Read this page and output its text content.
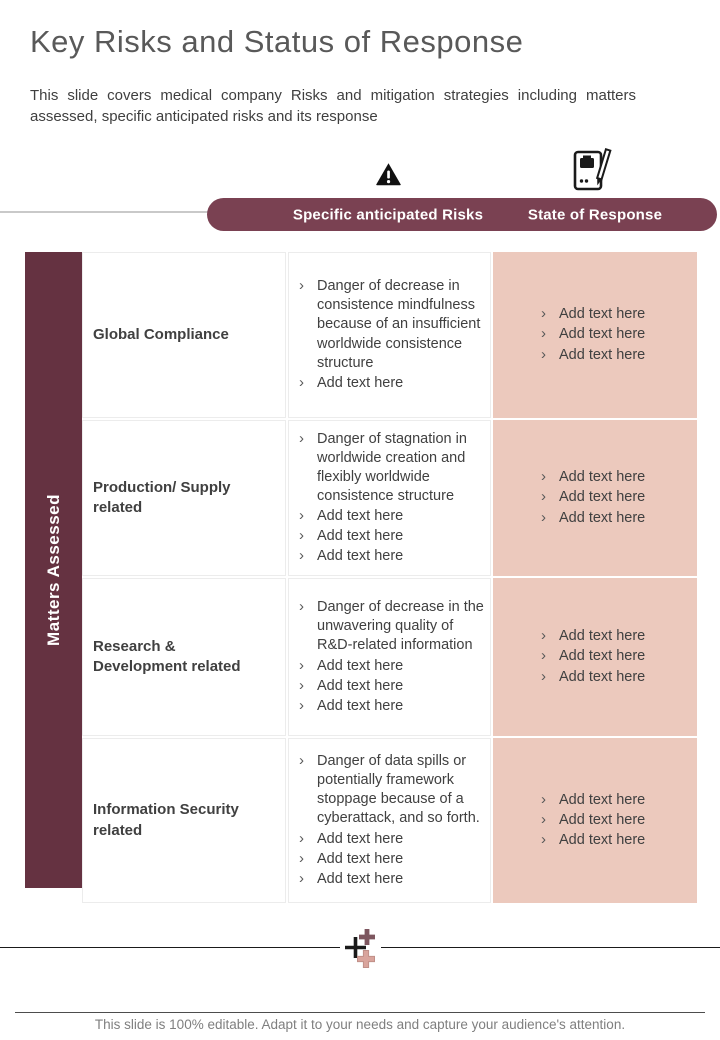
Key Risks and Status of Response
This slide covers medical company Risks and mitigation strategies including matters assessed, specific anticipated risks and its response
Specific anticipated Risks	State of Response
Matters Assessed
Global Compliance
› Danger of decrease in consistence mindfulness because of an insufficient worldwide consistence structure
› Add text here
› Add text here
› Add text here
› Add text here
Production/ Supply related
› Danger of stagnation in worldwide creation and flexibly worldwide consistence structure
› Add text here
› Add text here
› Add text here
› Add text here
› Add text here
› Add text here
Research & Development related
› Danger of decrease in the unwavering quality of R&D-related information
› Add text here
› Add text here
› Add text here
› Add text here
› Add text here
› Add text here
Information Security related
› Danger of data spills or potentially framework stoppage because of a cyberattack, and so forth.
› Add text here
› Add text here
› Add text here
› Add text here
› Add text here
› Add text here
This slide is 100% editable. Adapt it to your needs and capture your audience's attention.
